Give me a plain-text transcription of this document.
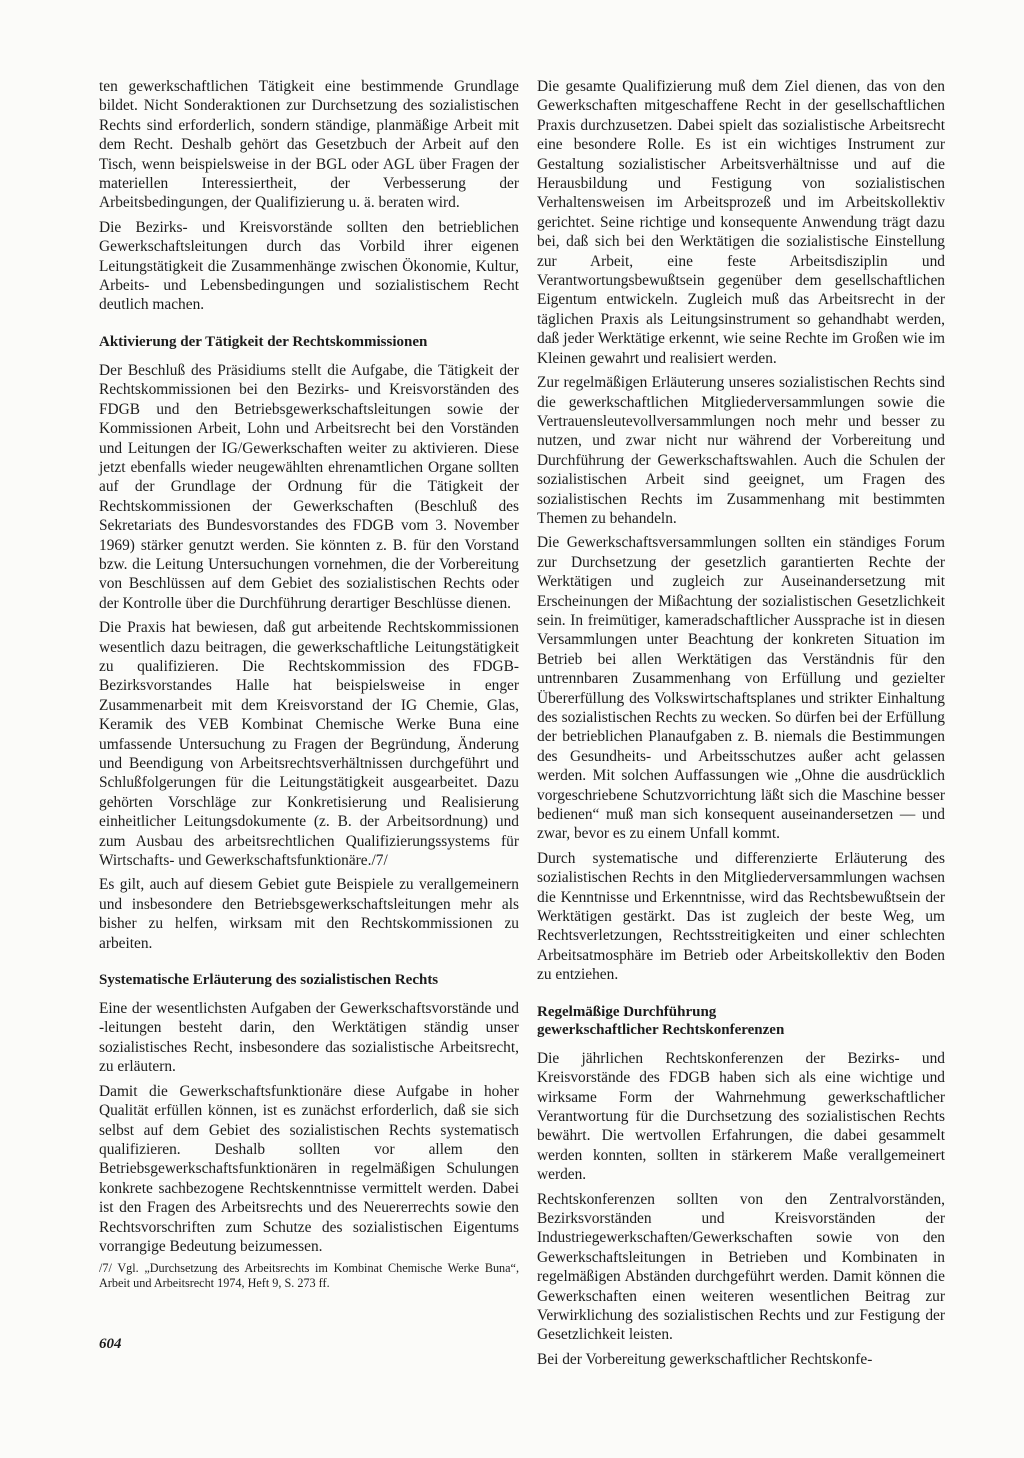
ten gewerkschaftlichen Tätigkeit eine bestimmende Grundlage bildet. Nicht Sonderaktionen zur Durchsetzung des sozialistischen Rechts sind erforderlich, sondern ständige, planmäßige Arbeit mit dem Recht. Deshalb gehört das Gesetzbuch der Arbeit auf den Tisch, wenn beispielsweise in der BGL oder AGL über Fragen der materiellen Interessiertheit, der Verbesserung der Arbeitsbedingungen, der Qualifizierung u. ä. beraten wird.

Die Bezirks- und Kreisvorstände sollten den betrieblichen Gewerkschaftsleitungen durch das Vorbild ihrer eigenen Leitungstätigkeit die Zusammenhänge zwischen Ökonomie, Kultur, Arbeits- und Lebensbedingungen und sozialistischem Recht deutlich machen.

Aktivierung der Tätigkeit der Rechtskommissionen

Der Beschluß des Präsidiums stellt die Aufgabe, die Tätigkeit der Rechtskommissionen bei den Bezirks- und Kreisvorständen des FDGB und den Betriebsgewerkschaftsleitungen sowie der Kommissionen Arbeit, Lohn und Arbeitsrecht bei den Vorständen und Leitungen der IG/Gewerkschaften weiter zu aktivieren. Diese jetzt ebenfalls wieder neugewählten ehrenamtlichen Organe sollten auf der Grundlage der Ordnung für die Tätigkeit der Rechtskommissionen der Gewerkschaften (Beschluß des Sekretariats des Bundesvorstandes des FDGB vom 3. November 1969) stärker genutzt werden. Sie könnten z. B. für den Vorstand bzw. die Leitung Untersuchungen vornehmen, die der Vorbereitung von Beschlüssen auf dem Gebiet des sozialistischen Rechts oder der Kontrolle über die Durchführung derartiger Beschlüsse dienen.

Die Praxis hat bewiesen, daß gut arbeitende Rechtskommissionen wesentlich dazu beitragen, die gewerkschaftliche Leitungstätigkeit zu qualifizieren. Die Rechtskommission des FDGB-Bezirksvorstandes Halle hat beispielsweise in enger Zusammenarbeit mit dem Kreisvorstand der IG Chemie, Glas, Keramik des VEB Kombinat Chemische Werke Buna eine umfassende Untersuchung zu Fragen der Begründung, Änderung und Beendigung von Arbeitsrechtsverhältnissen durchgeführt und Schlußfolgerungen für die Leitungstätigkeit ausgearbeitet. Dazu gehörten Vorschläge zur Konkretisierung und Realisierung einheitlicher Leitungsdokumente (z. B. der Arbeitsordnung) und zum Ausbau des arbeitsrechtlichen Qualifizierungssystems für Wirtschafts- und Gewerkschaftsfunktionäre./7/

Es gilt, auch auf diesem Gebiet gute Beispiele zu verallgemeinern und insbesondere den Betriebsgewerkschaftsleitungen mehr als bisher zu helfen, wirksam mit den Rechtskommissionen zu arbeiten.

Systematische Erläuterung des sozialistischen Rechts

Eine der wesentlichsten Aufgaben der Gewerkschaftsvorstände und -leitungen besteht darin, den Werktätigen ständig unser sozialistisches Recht, insbesondere das sozialistische Arbeitsrecht, zu erläutern.

Damit die Gewerkschaftsfunktionäre diese Aufgabe in hoher Qualität erfüllen können, ist es zunächst erforderlich, daß sie sich selbst auf dem Gebiet des sozialistischen Rechts systematisch qualifizieren. Deshalb sollten vor allem den Betriebsgewerkschaftsfunktionären in regelmäßigen Schulungen konkrete sachbezogene Rechtskenntnisse vermittelt werden. Dabei ist den Fragen des Arbeitsrechts und des Neuererrechts sowie den Rechtsvorschriften zum Schutze des sozialistischen Eigentums vorrangige Bedeutung beizumessen.

/7/ Vgl. „Durchsetzung des Arbeitsrechts im Kombinat Chemische Werke Buna“, Arbeit und Arbeitsrecht 1974, Heft 9, S. 273 ff.

Die gesamte Qualifizierung muß dem Ziel dienen, das von den Gewerkschaften mitgeschaffene Recht in der gesellschaftlichen Praxis durchzusetzen. Dabei spielt das sozialistische Arbeitsrecht eine besondere Rolle. Es ist ein wichtiges Instrument zur Gestaltung sozialistischer Arbeitsverhältnisse und auf die Herausbildung und Festigung von sozialistischen Verhaltensweisen im Arbeitsprozeß und im Arbeitskollektiv gerichtet. Seine richtige und konsequente Anwendung trägt dazu bei, daß sich bei den Werktätigen die sozialistische Einstellung zur Arbeit, eine feste Arbeitsdisziplin und Verantwortungsbewußtsein gegenüber dem gesellschaftlichen Eigentum entwickeln. Zugleich muß das Arbeitsrecht in der täglichen Praxis als Leitungsinstrument so gehandhabt werden, daß jeder Werktätige erkennt, wie seine Rechte im Großen wie im Kleinen gewahrt und realisiert werden.

Zur regelmäßigen Erläuterung unseres sozialistischen Rechts sind die gewerkschaftlichen Mitgliederversammlungen sowie die Vertrauensleutevollversammlungen noch mehr und besser zu nutzen, und zwar nicht nur während der Vorbereitung und Durchführung der Gewerkschaftswahlen. Auch die Schulen der sozialistischen Arbeit sind geeignet, um Fragen des sozialistischen Rechts im Zusammenhang mit bestimmten Themen zu behandeln.

Die Gewerkschaftsversammlungen sollten ein ständiges Forum zur Durchsetzung der gesetzlich garantierten Rechte der Werktätigen und zugleich zur Auseinandersetzung mit Erscheinungen der Mißachtung der sozialistischen Gesetzlichkeit sein. In freimütiger, kameradschaftlicher Aussprache ist in diesen Versammlungen unter Beachtung der konkreten Situation im Betrieb bei allen Werktätigen das Verständnis für den untrennbaren Zusammenhang von Erfüllung und gezielter Übererfüllung des Volkswirtschaftsplanes und strikter Einhaltung des sozialistischen Rechts zu wecken. So dürfen bei der Erfüllung der betrieblichen Planaufgaben z. B. niemals die Bestimmungen des Gesundheits- und Arbeitsschutzes außer acht gelassen werden. Mit solchen Auffassungen wie „Ohne die ausdrücklich vorgeschriebene Schutzvorrichtung läßt sich die Maschine besser bedienen“ muß man sich konsequent auseinandersetzen — und zwar, bevor es zu einem Unfall kommt.

Durch systematische und differenzierte Erläuterung des sozialistischen Rechts in den Mitgliederversammlungen wachsen die Kenntnisse und Erkenntnisse, wird das Rechtsbewußtsein der Werktätigen gestärkt. Das ist zugleich der beste Weg, um Rechtsverletzungen, Rechtsstreitigkeiten und einer schlechten Arbeitsatmosphäre im Betrieb oder Arbeitskollektiv den Boden zu entziehen.

Regelmäßige Durchführung
gewerkschaftlicher Rechtskonferenzen

Die jährlichen Rechtskonferenzen der Bezirks- und Kreisvorstände des FDGB haben sich als eine wichtige und wirksame Form der Wahrnehmung gewerkschaftlicher Verantwortung für die Durchsetzung des sozialistischen Rechts bewährt. Die wertvollen Erfahrungen, die dabei gesammelt werden konnten, sollten in stärkerem Maße verallgemeinert werden.

Rechtskonferenzen sollten von den Zentralvorständen, Bezirksvorständen und Kreisvorständen der Industriegewerkschaften/Gewerkschaften sowie von den Gewerkschaftsleitungen in Betrieben und Kombinaten in regelmäßigen Abständen durchgeführt werden. Damit können die Gewerkschaften einen weiteren wesentlichen Beitrag zur Verwirklichung des sozialistischen Rechts und zur Festigung der Gesetzlichkeit leisten.

Bei der Vorbereitung gewerkschaftlicher Rechtskonfe-

604
